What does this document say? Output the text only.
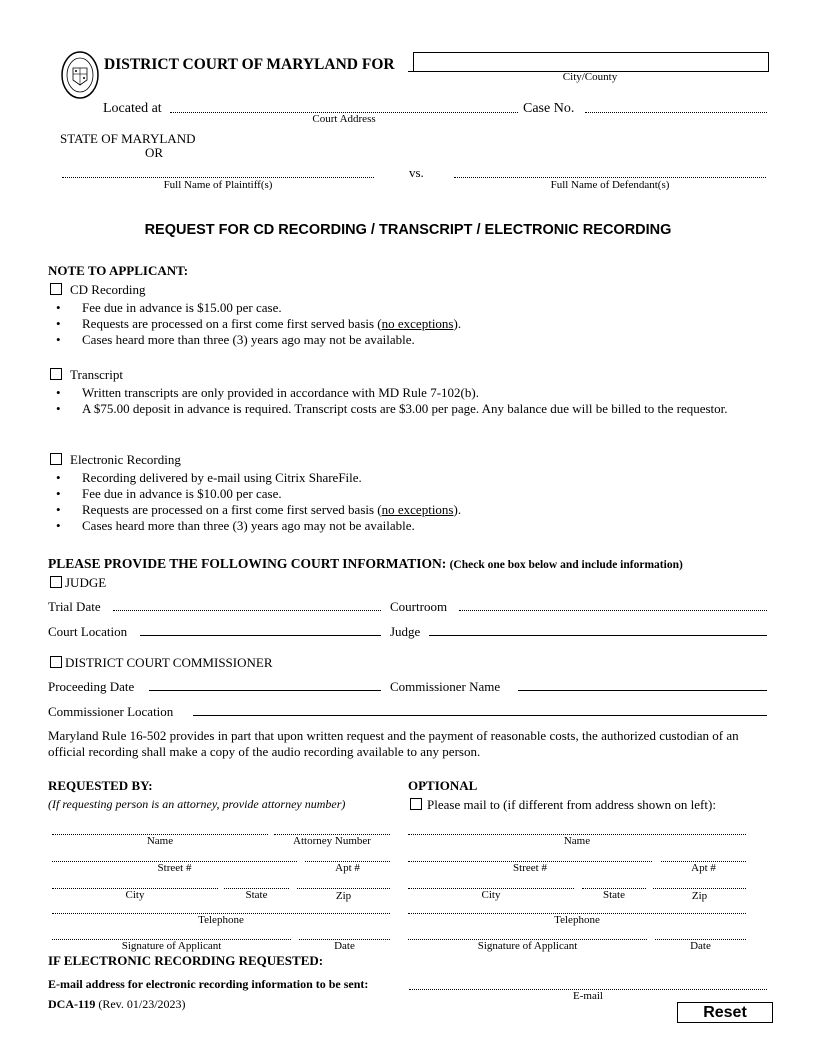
DISTRICT COURT OF MARYLAND FOR
City/County
Located at
Court Address
Case No.
STATE OF MARYLAND
OR
Full Name of Plaintiff(s)
vs.
Full Name of Defendant(s)
REQUEST FOR CD RECORDING / TRANSCRIPT / ELECTRONIC RECORDING
NOTE TO APPLICANT:
CD Recording
• Fee due in advance is $15.00 per case.
• Requests are processed on a first come first served basis (no exceptions).
• Cases heard more than three (3) years ago may not be available.
Transcript
• Written transcripts are only provided in accordance with MD Rule 7-102(b).
• A $75.00 deposit in advance is required. Transcript costs are $3.00 per page. Any balance due will be billed to the requestor.
Electronic Recording
• Recording delivered by e-mail using Citrix ShareFile.
• Fee due in advance is $10.00 per case.
• Requests are processed on a first come first served basis (no exceptions).
• Cases heard more than three (3) years ago may not be available.
PLEASE PROVIDE THE FOLLOWING COURT INFORMATION: (Check one box below and include information)
JUDGE
Trial Date	Courtroom
Court Location	Judge
DISTRICT COURT COMMISSIONER
Proceeding Date	Commissioner Name
Commissioner Location
Maryland Rule 16-502 provides in part that upon written request and the payment of reasonable costs, the authorized custodian of an official recording shall make a copy of the audio recording available to any person.
REQUESTED BY:
(If requesting person is an attorney, provide attorney number)
Name	Attorney Number
Street #	Apt #
City	State	Zip
Telephone
Signature of Applicant	Date
OPTIONAL
Please mail to (if different from address shown on left):
Name
Street #	Apt #
City	State	Zip
Telephone
Signature of Applicant	Date
IF ELECTRONIC RECORDING REQUESTED:
E-mail address for electronic recording information to be sent:
E-mail
DCA-119 (Rev. 01/23/2023)	Reset
